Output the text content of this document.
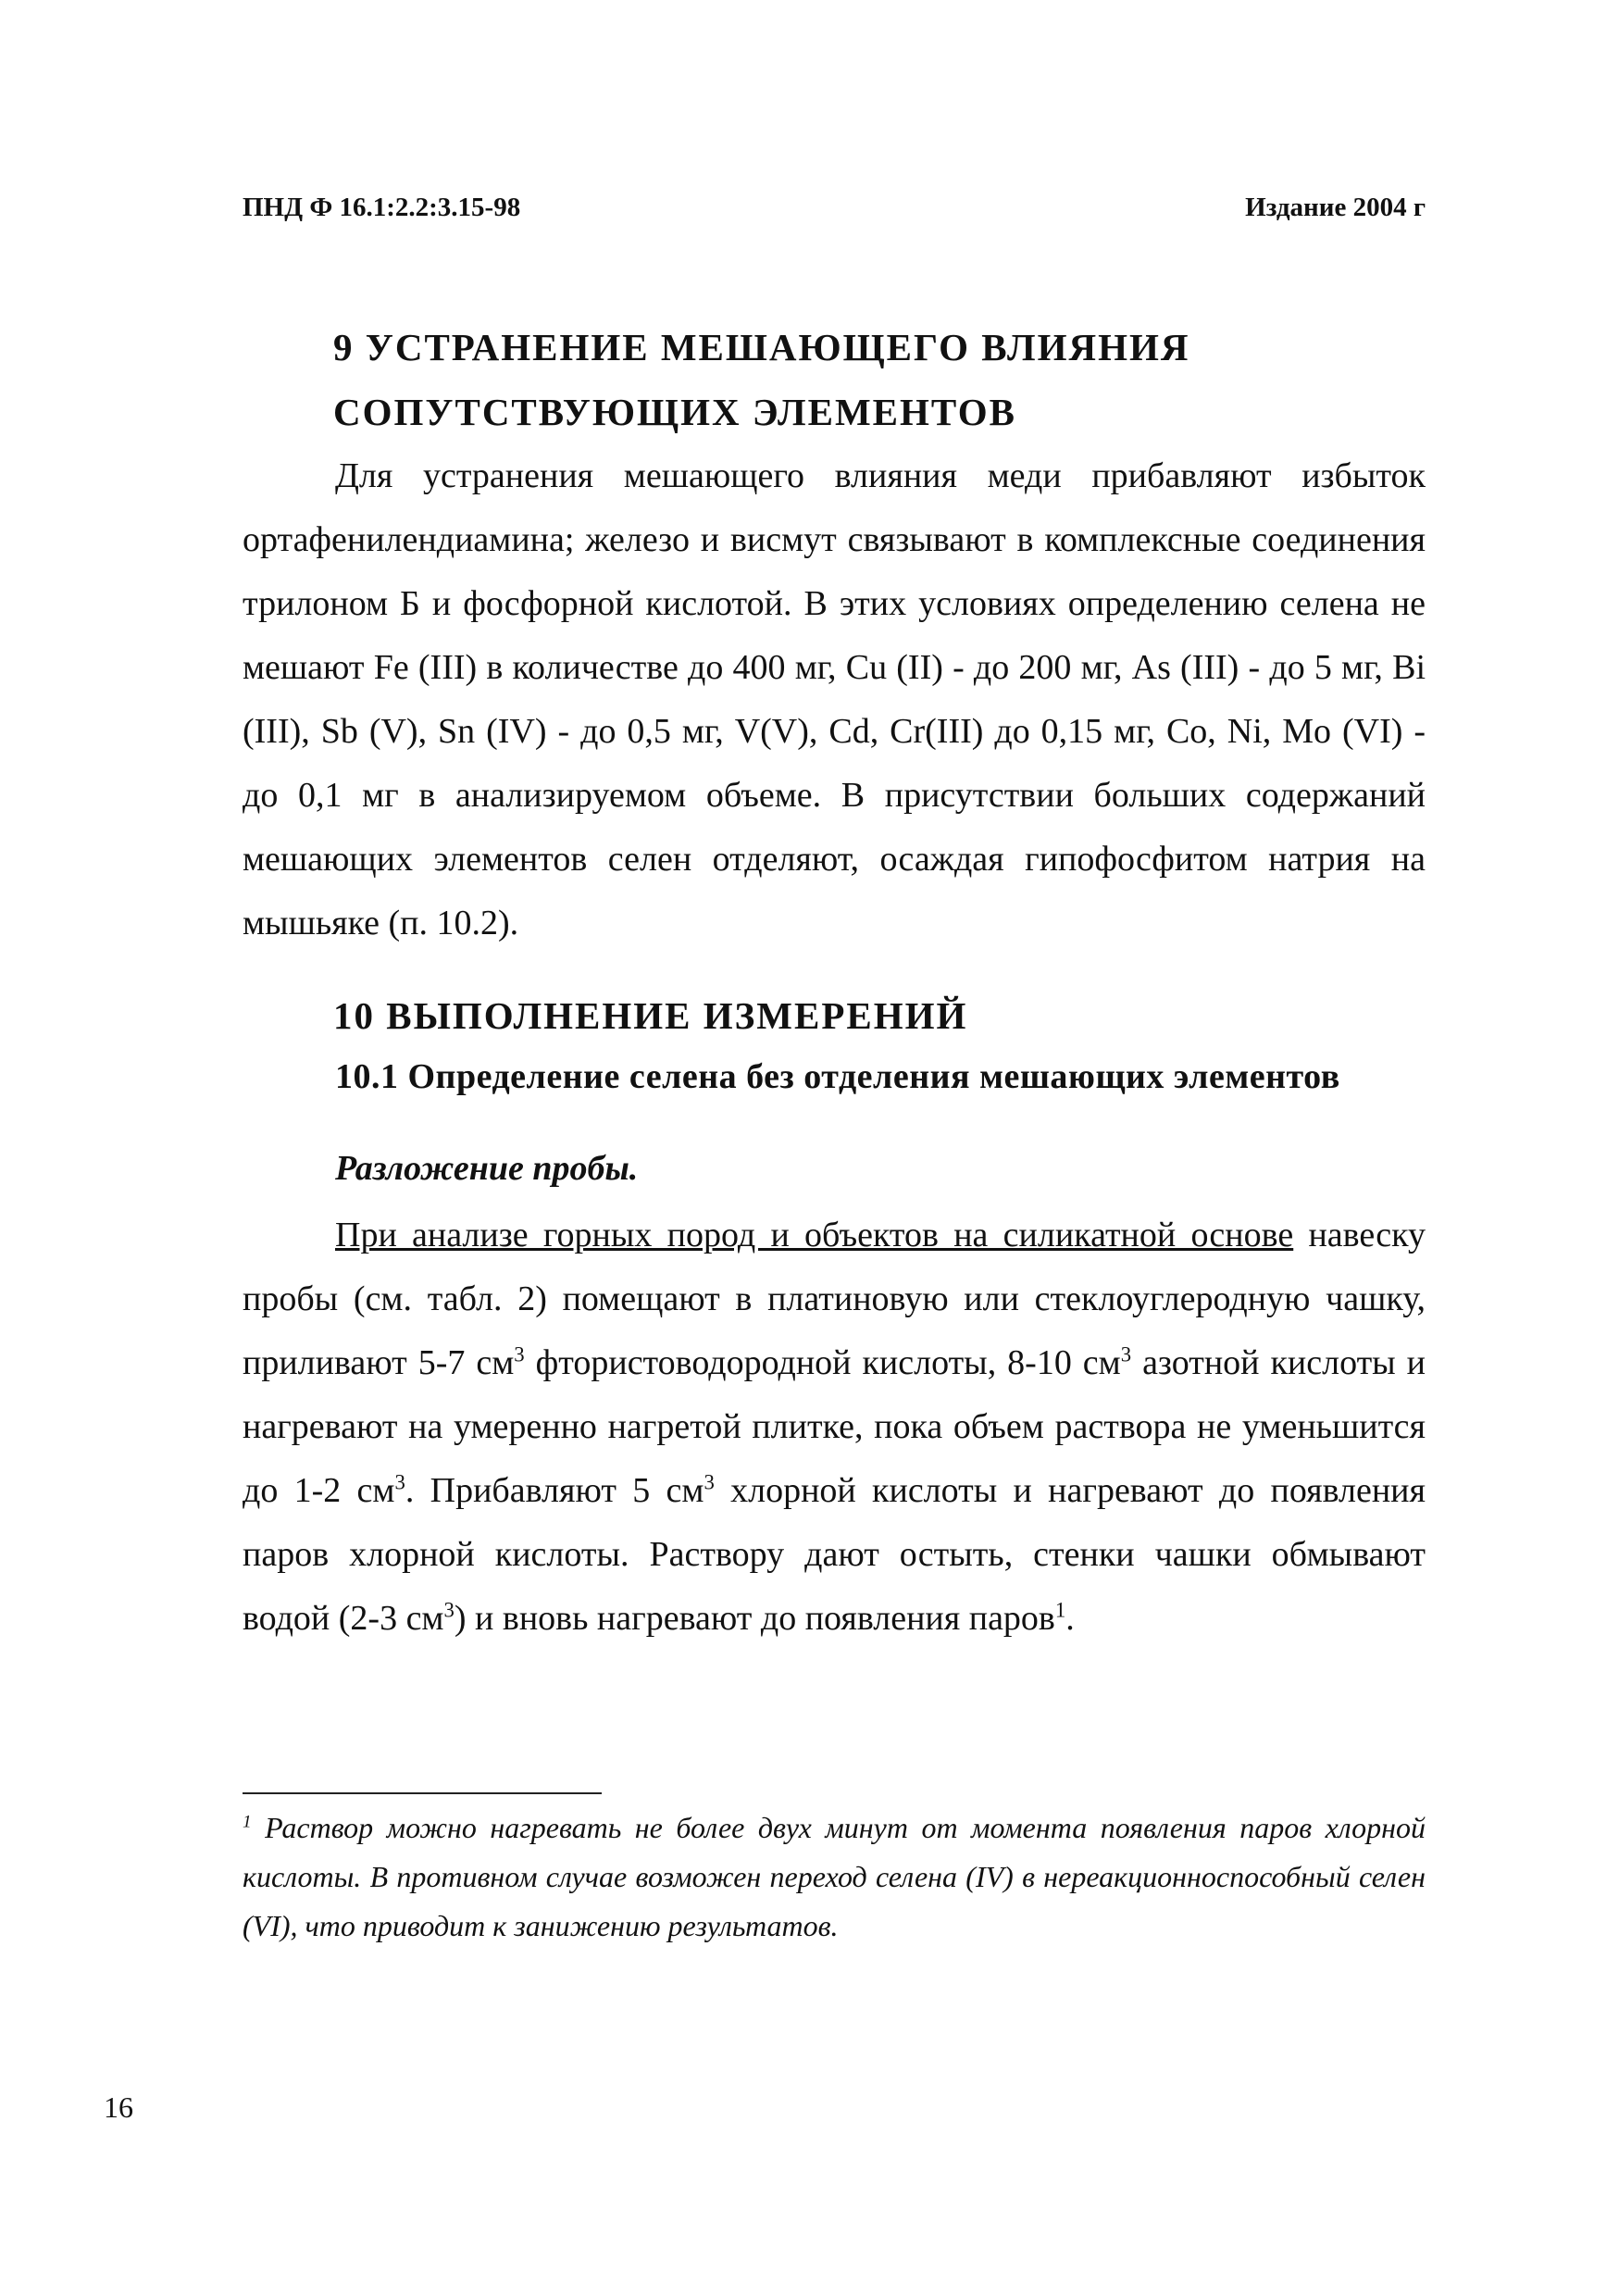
ПНД Ф 16.1:2.2:3.15-98	Издание 2004 г
9 УСТРАНЕНИЕ МЕШАЮЩЕГО ВЛИЯНИЯ
СОПУТСТВУЮЩИХ ЭЛЕМЕНТОВ

Для устранения мешающего влияния меди прибавляют избыток ортафенилендиамина; железо и висмут связывают в комплексные соединения трилоном Б и фосфорной кислотой. В этих условиях определению селена не мешают Fe (III) в количестве до 400 мг, Cu (II) - до 200 мг, As (III) - до 5 мг, Bi (III), Sb (V), Sn (IV) - до 0,5 мг, V(V), Cd, Cr(III) до 0,15 мг, Co, Ni, Mo (VI) - до 0,1 мг в анализируемом объеме. В присутствии больших содержаний мешающих элементов селен отделяют, осаждая гипофосфитом натрия на мышьяке (п. 10.2).

10 ВЫПОЛНЕНИЕ ИЗМЕРЕНИЙ

10.1 Определение селена без отделения мешающих элементов

Разложение пробы.

При анализе горных пород и объектов на силикатной основе навеску пробы (см. табл. 2) помещают в платиновую или стеклоуглеродную чашку, приливают 5-7 $см^3$ фтористоводородной кислоты, 8-10 $см^3$ азотной кислоты и нагревают на умеренно нагретой плитке, пока объем раствора не уменьшится до 1-2 $см^3$. Прибавляют 5 $см^3$ хлорной кислоты и нагревают до появления паров хлорной кислоты. Раствору дают остыть, стенки чашки обмывают водой (2-3 $см^3$) и вновь нагревают до появления паров$^1$.

$^1$ Раствор можно нагревать не более двух минут от момента появления паров хлорной кислоты. В противном случае возможен переход селена (IV) в нереакционноспособный селен (VI), что приводит к занижению результатов.
16
